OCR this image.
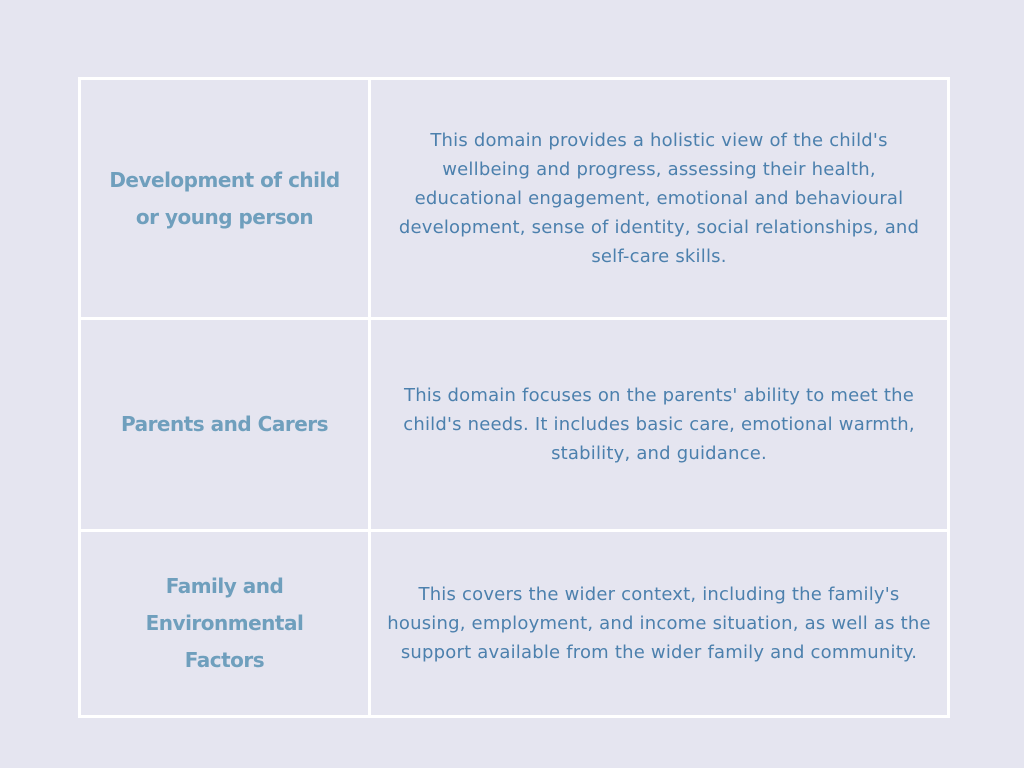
Development of child or young person	This domain provides a holistic view of the child's wellbeing and progress, assessing their health, educational engagement, emotional and behavioural development, sense of identity, social relationships, and self-care skills.

Parents and Carers	This domain focuses on the parents' ability to meet the child's needs. It includes basic care, emotional warmth, stability, and guidance.

Family and Environmental Factors	This covers the wider context, including the family's housing, employment, and income situation, as well as the support available from the wider family and community.
